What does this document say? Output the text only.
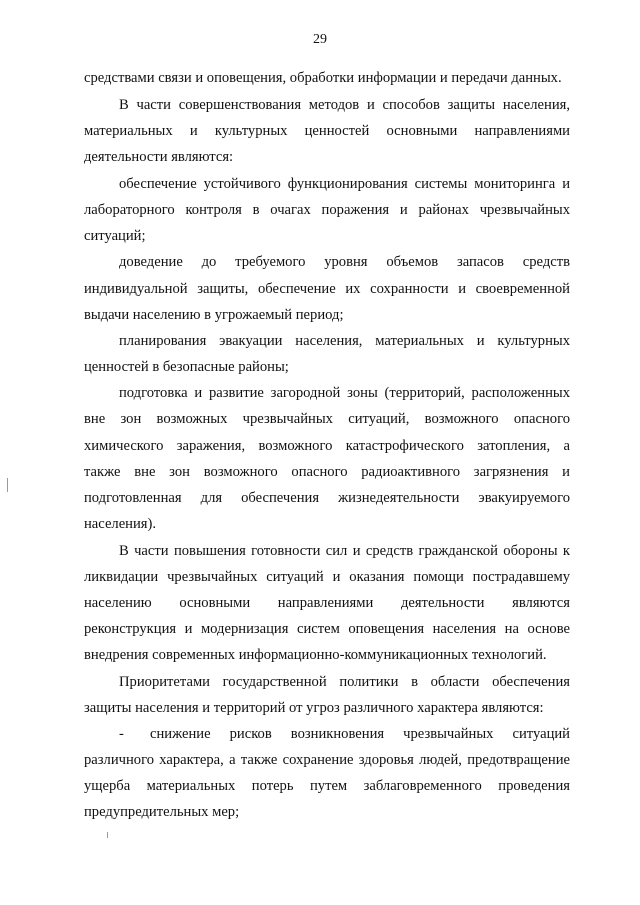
29
средствами связи и оповещения, обработки информации и передачи данных.
В части совершенствования методов и способов защиты населения,
материальных и культурных ценностей основными направлениями
деятельности являются:
обеспечение устойчивого функционирования системы мониторинга и
лабораторного контроля в очагах поражения и районах чрезвычайных
ситуаций;
доведение до требуемого уровня объемов запасов средств
индивидуальной защиты, обеспечение их сохранности и своевременной
выдачи населению в угрожаемый период;
планирования эвакуации населения, материальных и культурных
ценностей в безопасные районы;
подготовка и развитие загородной зоны (территорий, расположенных
вне зон возможных чрезвычайных ситуаций, возможного опасного
химического заражения, возможного катастрофического затопления, а
также вне зон возможного опасного радиоактивного загрязнения и
подготовленная для обеспечения жизнедеятельности эвакуируемого
населения).
В части повышения готовности сил и средств гражданской обороны к
ликвидации чрезвычайных ситуаций и оказания помощи пострадавшему
населению основными направлениями деятельности являются
реконструкция и модернизация систем оповещения населения на основе
внедрения современных информационно-коммуникационных технологий.
Приоритетами государственной политики в области обеспечения
защиты населения и территорий от угроз различного характера являются:
-	снижение рисков возникновения чрезвычайных ситуаций
различного характера, а также сохранение здоровья людей, предотвращение
ущерба материальных потерь путем заблаговременного проведения
предупредительных мер;
